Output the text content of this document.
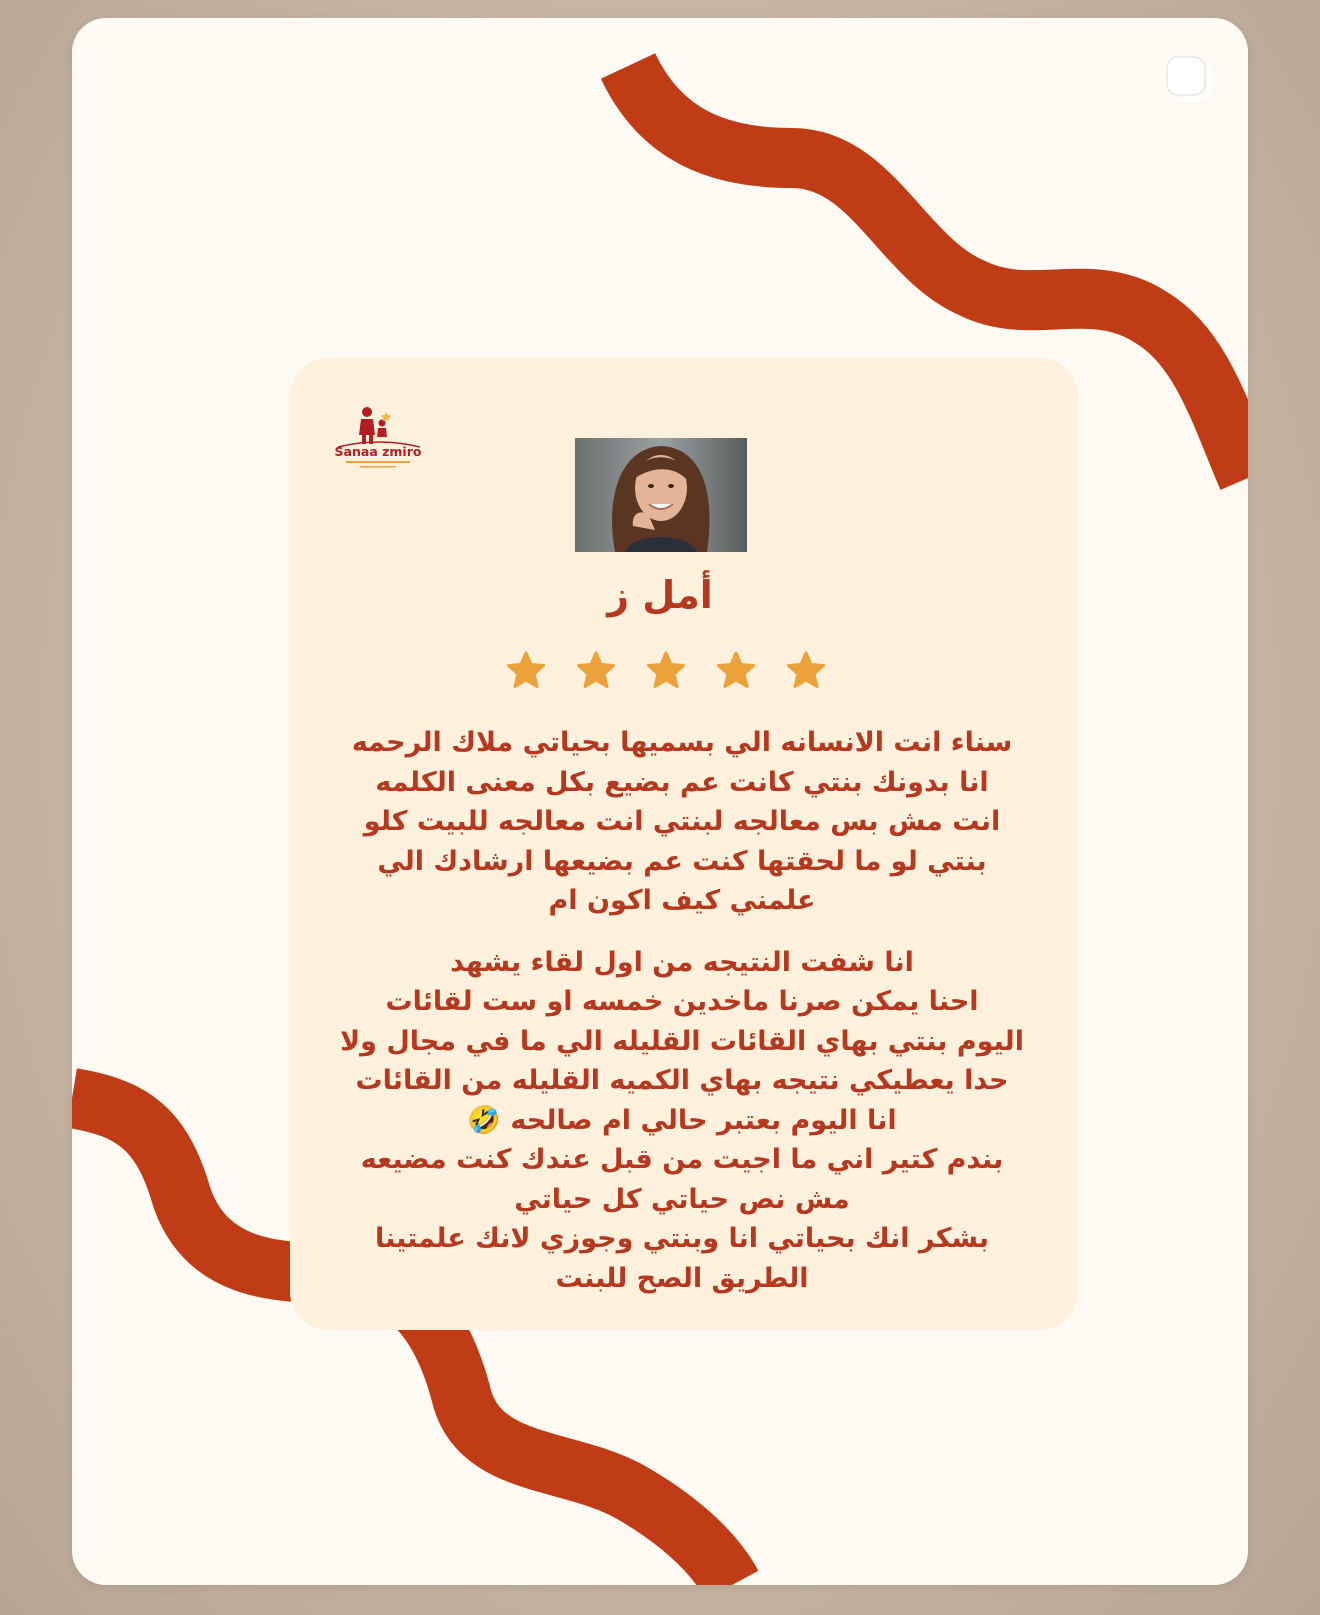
Sanaa zmiro
أمل ز

سناء انت الانسانه الي بسميها بحياتي ملاك الرحمه
انا بدونك بنتي كانت عم بضيع بكل معنى الكلمه
انت مش بس معالجه لبنتي انت معالجه للبيت كلو
بنتي لو ما لحقتها كنت عم بضيعها ارشادك الي
علمني كيف اكون ام

انا شفت النتيجه من اول لقاء يشهد
احنا يمكن صرنا ماخدين خمسه او ست لقائات
اليوم بنتي بهاي القائات القليله الي ما في مجال ولا
حدا يعطيكي نتيجه بهاي الكميه القليله من القائات
انا اليوم بعتبر حالي ام صالحه 🤣
بندم كتير اني ما اجيت من قبل عندك كنت مضيعه
مش نص حياتي كل حياتي
بشكر انك بحياتي انا وبنتي وجوزي لانك علمتينا
الطريق الصح للبنت
